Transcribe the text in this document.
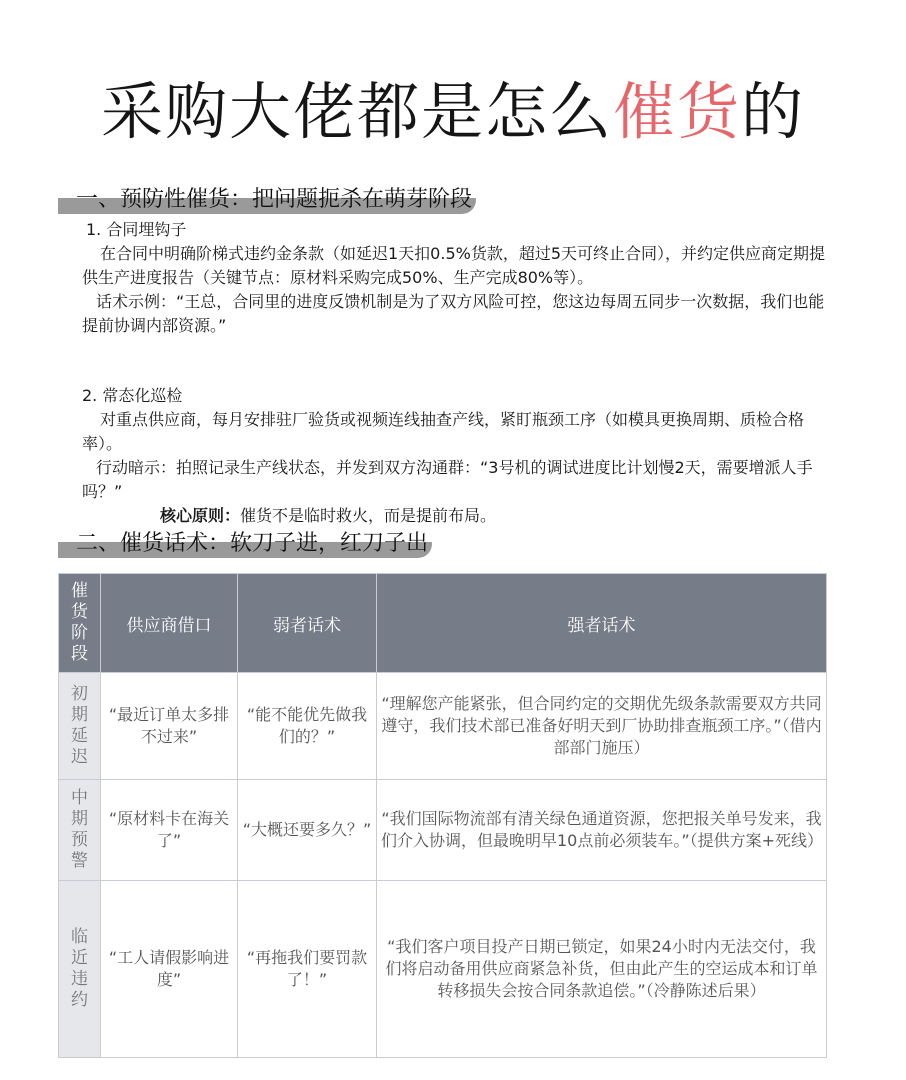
采购大佬都是怎么催货的
一、预防性催货：把问题扼杀在萌芽阶段

1. 合同埋钩子

在合同中明确阶梯式违约金条款（如延迟1天扣0.5%货款，超过5天可终止合同），并约定供应商定期提供生产进度报告（关键节点：原材料采购完成50%、生产完成80%等）。

话术示例：“王总，合同里的进度反馈机制是为了双方风险可控，您这边每周五同步一次数据，我们也能提前协调内部资源。”

2. 常态化巡检

对重点供应商，每月安排驻厂验货或视频连线抽查产线，紧盯瓶颈工序（如模具更换周期、质检合格率）。

行动暗示：拍照记录生产线状态，并发到双方沟通群：“3号机的调试进度比计划慢2天，需要增派人手吗？”

核心原则：催货不是临时救火，而是提前布局。

二、催货话术：软刀子进，红刀子出
催货阶段	供应商借口	弱者话术	强者话术
初期延迟	“最近订单太多排不过来”	“能不能优先做我们的？”	“理解您产能紧张，但合同约定的交期优先级条款需要双方共同遵守，我们技术部已准备好明天到厂协助排查瓶颈工序。”（借内部部门施压）
中期预警	“原材料卡在海关了”	“大概还要多久？”	“我们国际物流部有清关绿色通道资源，您把报关单号发来，我们介入协调，但最晚明早10点前必须装车。”（提供方案+死线）
临近违约	“工人请假影响进度”	“再拖我们要罚款了！”	“我们客户项目投产日期已锁定，如果24小时内无法交付，我们将启动备用供应商紧急补货，但由此产生的空运成本和订单转移损失会按合同条款追偿。”（冷静陈述后果）
